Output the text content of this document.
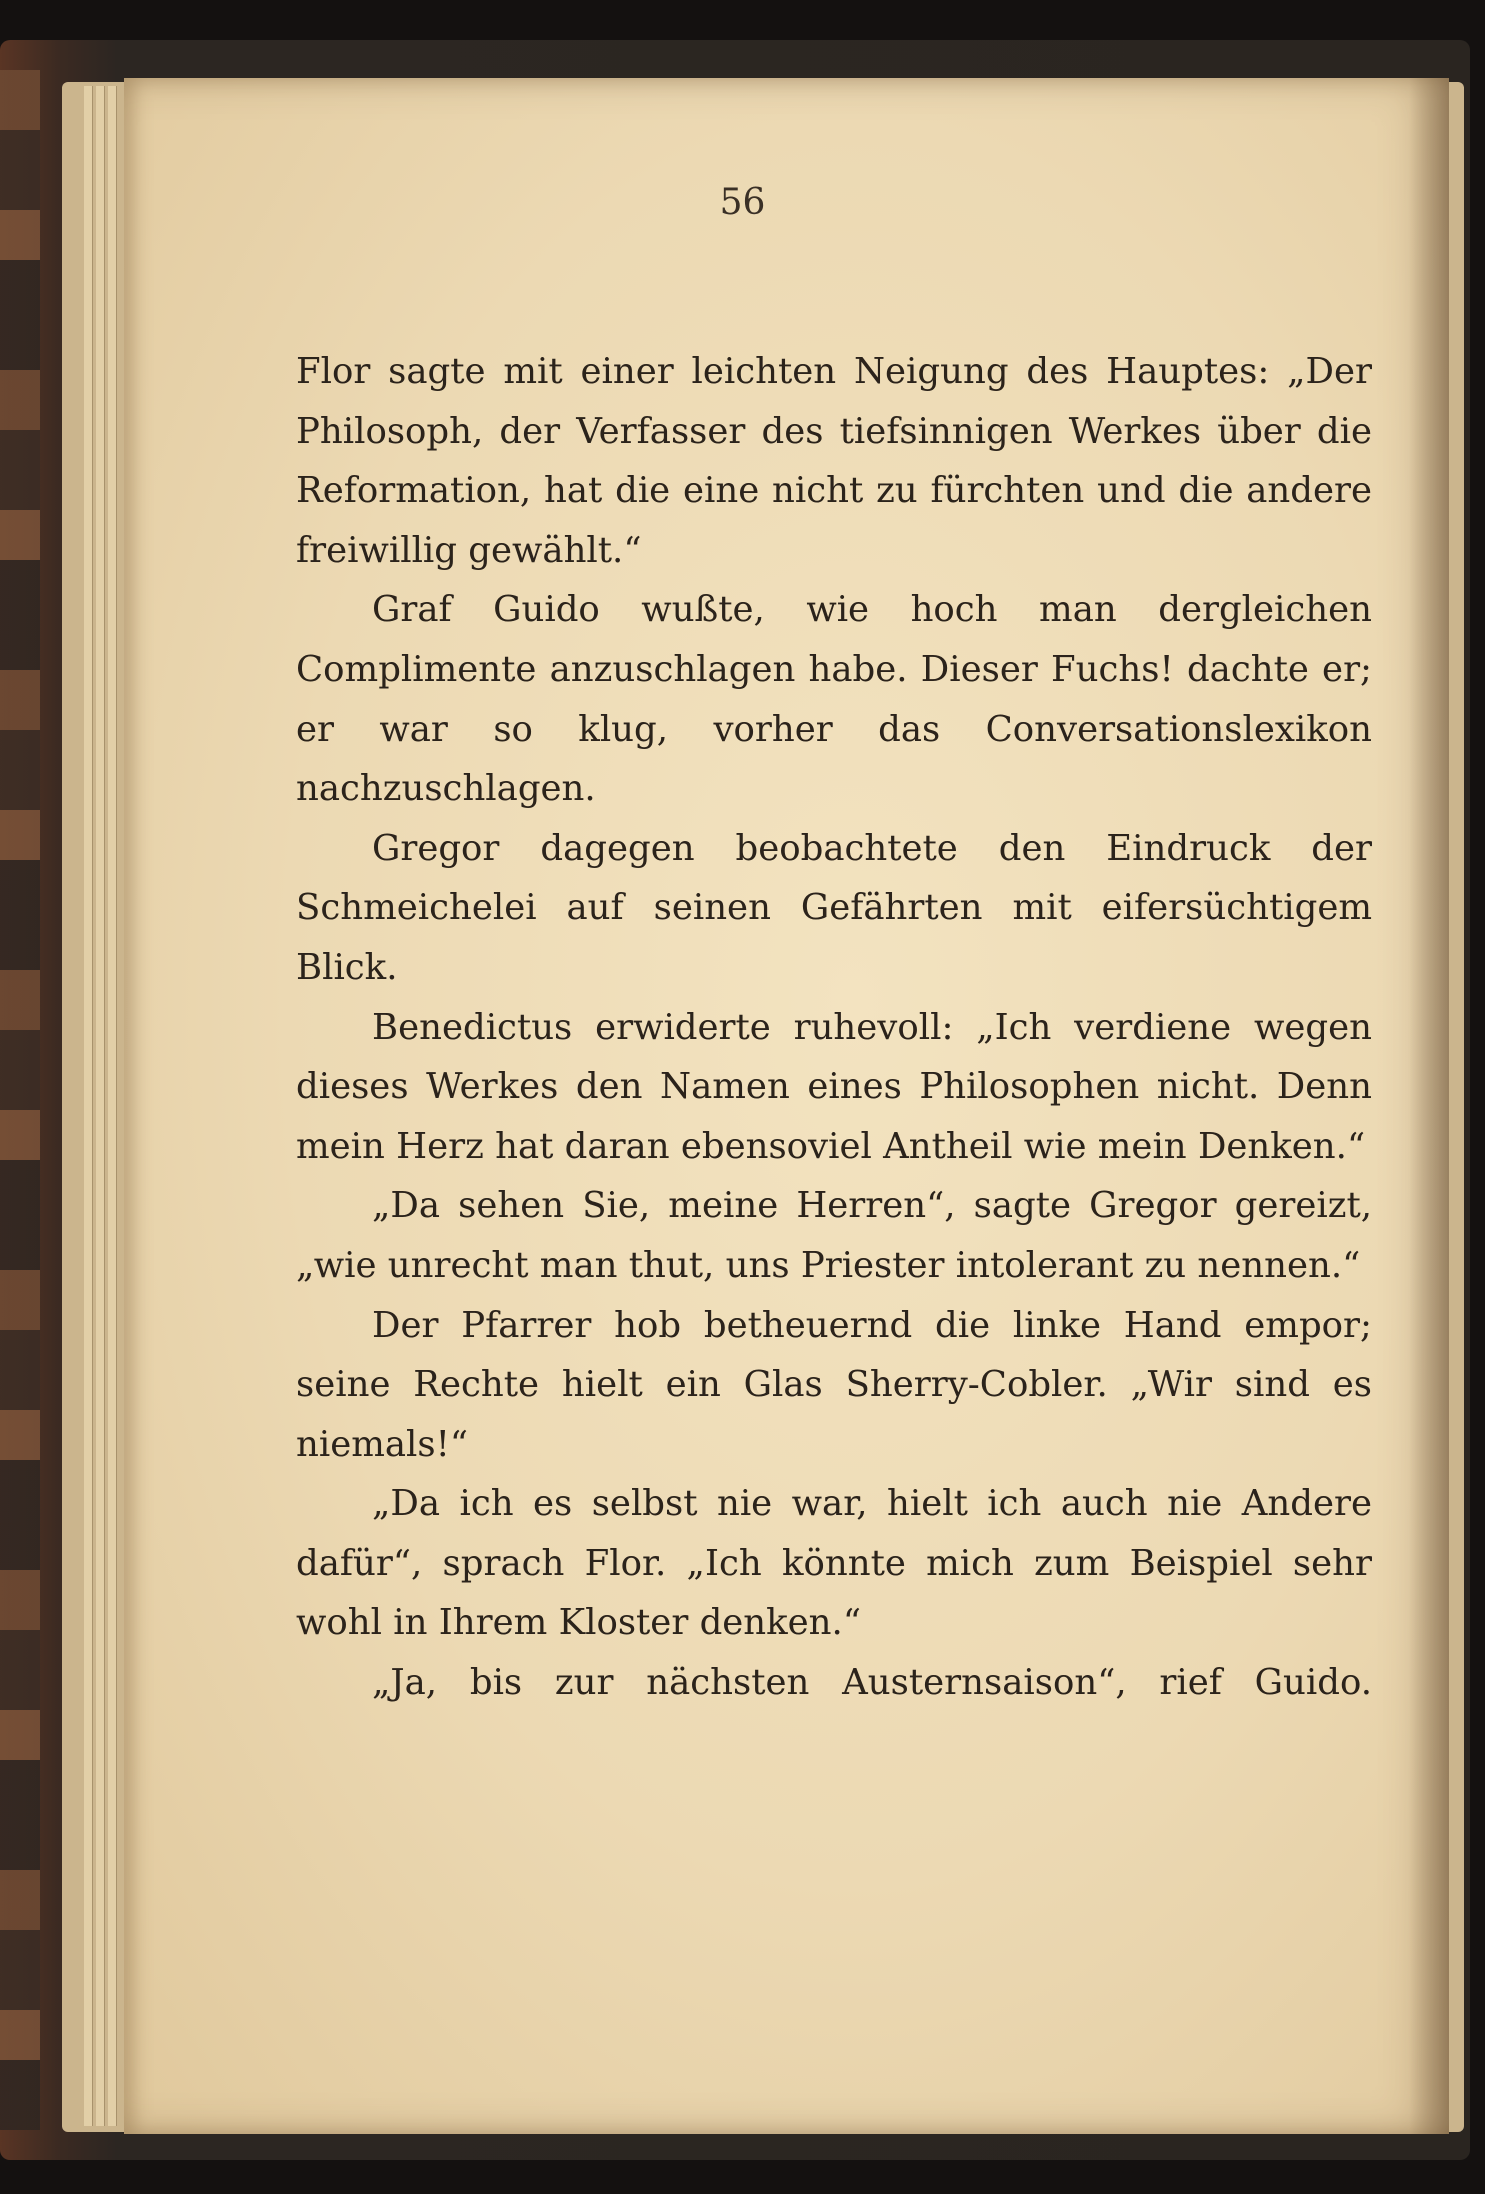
56

Flor sagte mit einer leichten Neigung des Hauptes: „Der Philosoph, der Verfasser des tiefsinnigen Werkes über die Reformation, hat die eine nicht zu fürchten und die andere freiwillig gewählt.“

Graf Guido wußte, wie hoch man dergleichen Complimente anzuschlagen habe. Dieser Fuchs! dachte er; er war so klug, vorher das Conversationslexikon nachzuschlagen.

Gregor dagegen beobachtete den Eindruck der Schmeichelei auf seinen Gefährten mit eifersüchtigem Blick.

Benedictus erwiderte ruhevoll: „Ich verdiene wegen dieses Werkes den Namen eines Philosophen nicht. Denn mein Herz hat daran ebensoviel Antheil wie mein Denken.“

„Da sehen Sie, meine Herren“, sagte Gregor gereizt, „wie unrecht man thut, uns Priester intolerant zu nennen.“

Der Pfarrer hob betheuernd die linke Hand empor; seine Rechte hielt ein Glas Sherry-Cobler. „Wir sind es niemals!“

„Da ich es selbst nie war, hielt ich auch nie Andere dafür“, sprach Flor. „Ich könnte mich zum Beispiel sehr wohl in Ihrem Kloster denken.“

„Ja, bis zur nächsten Austernsaison“, rief Guido.
